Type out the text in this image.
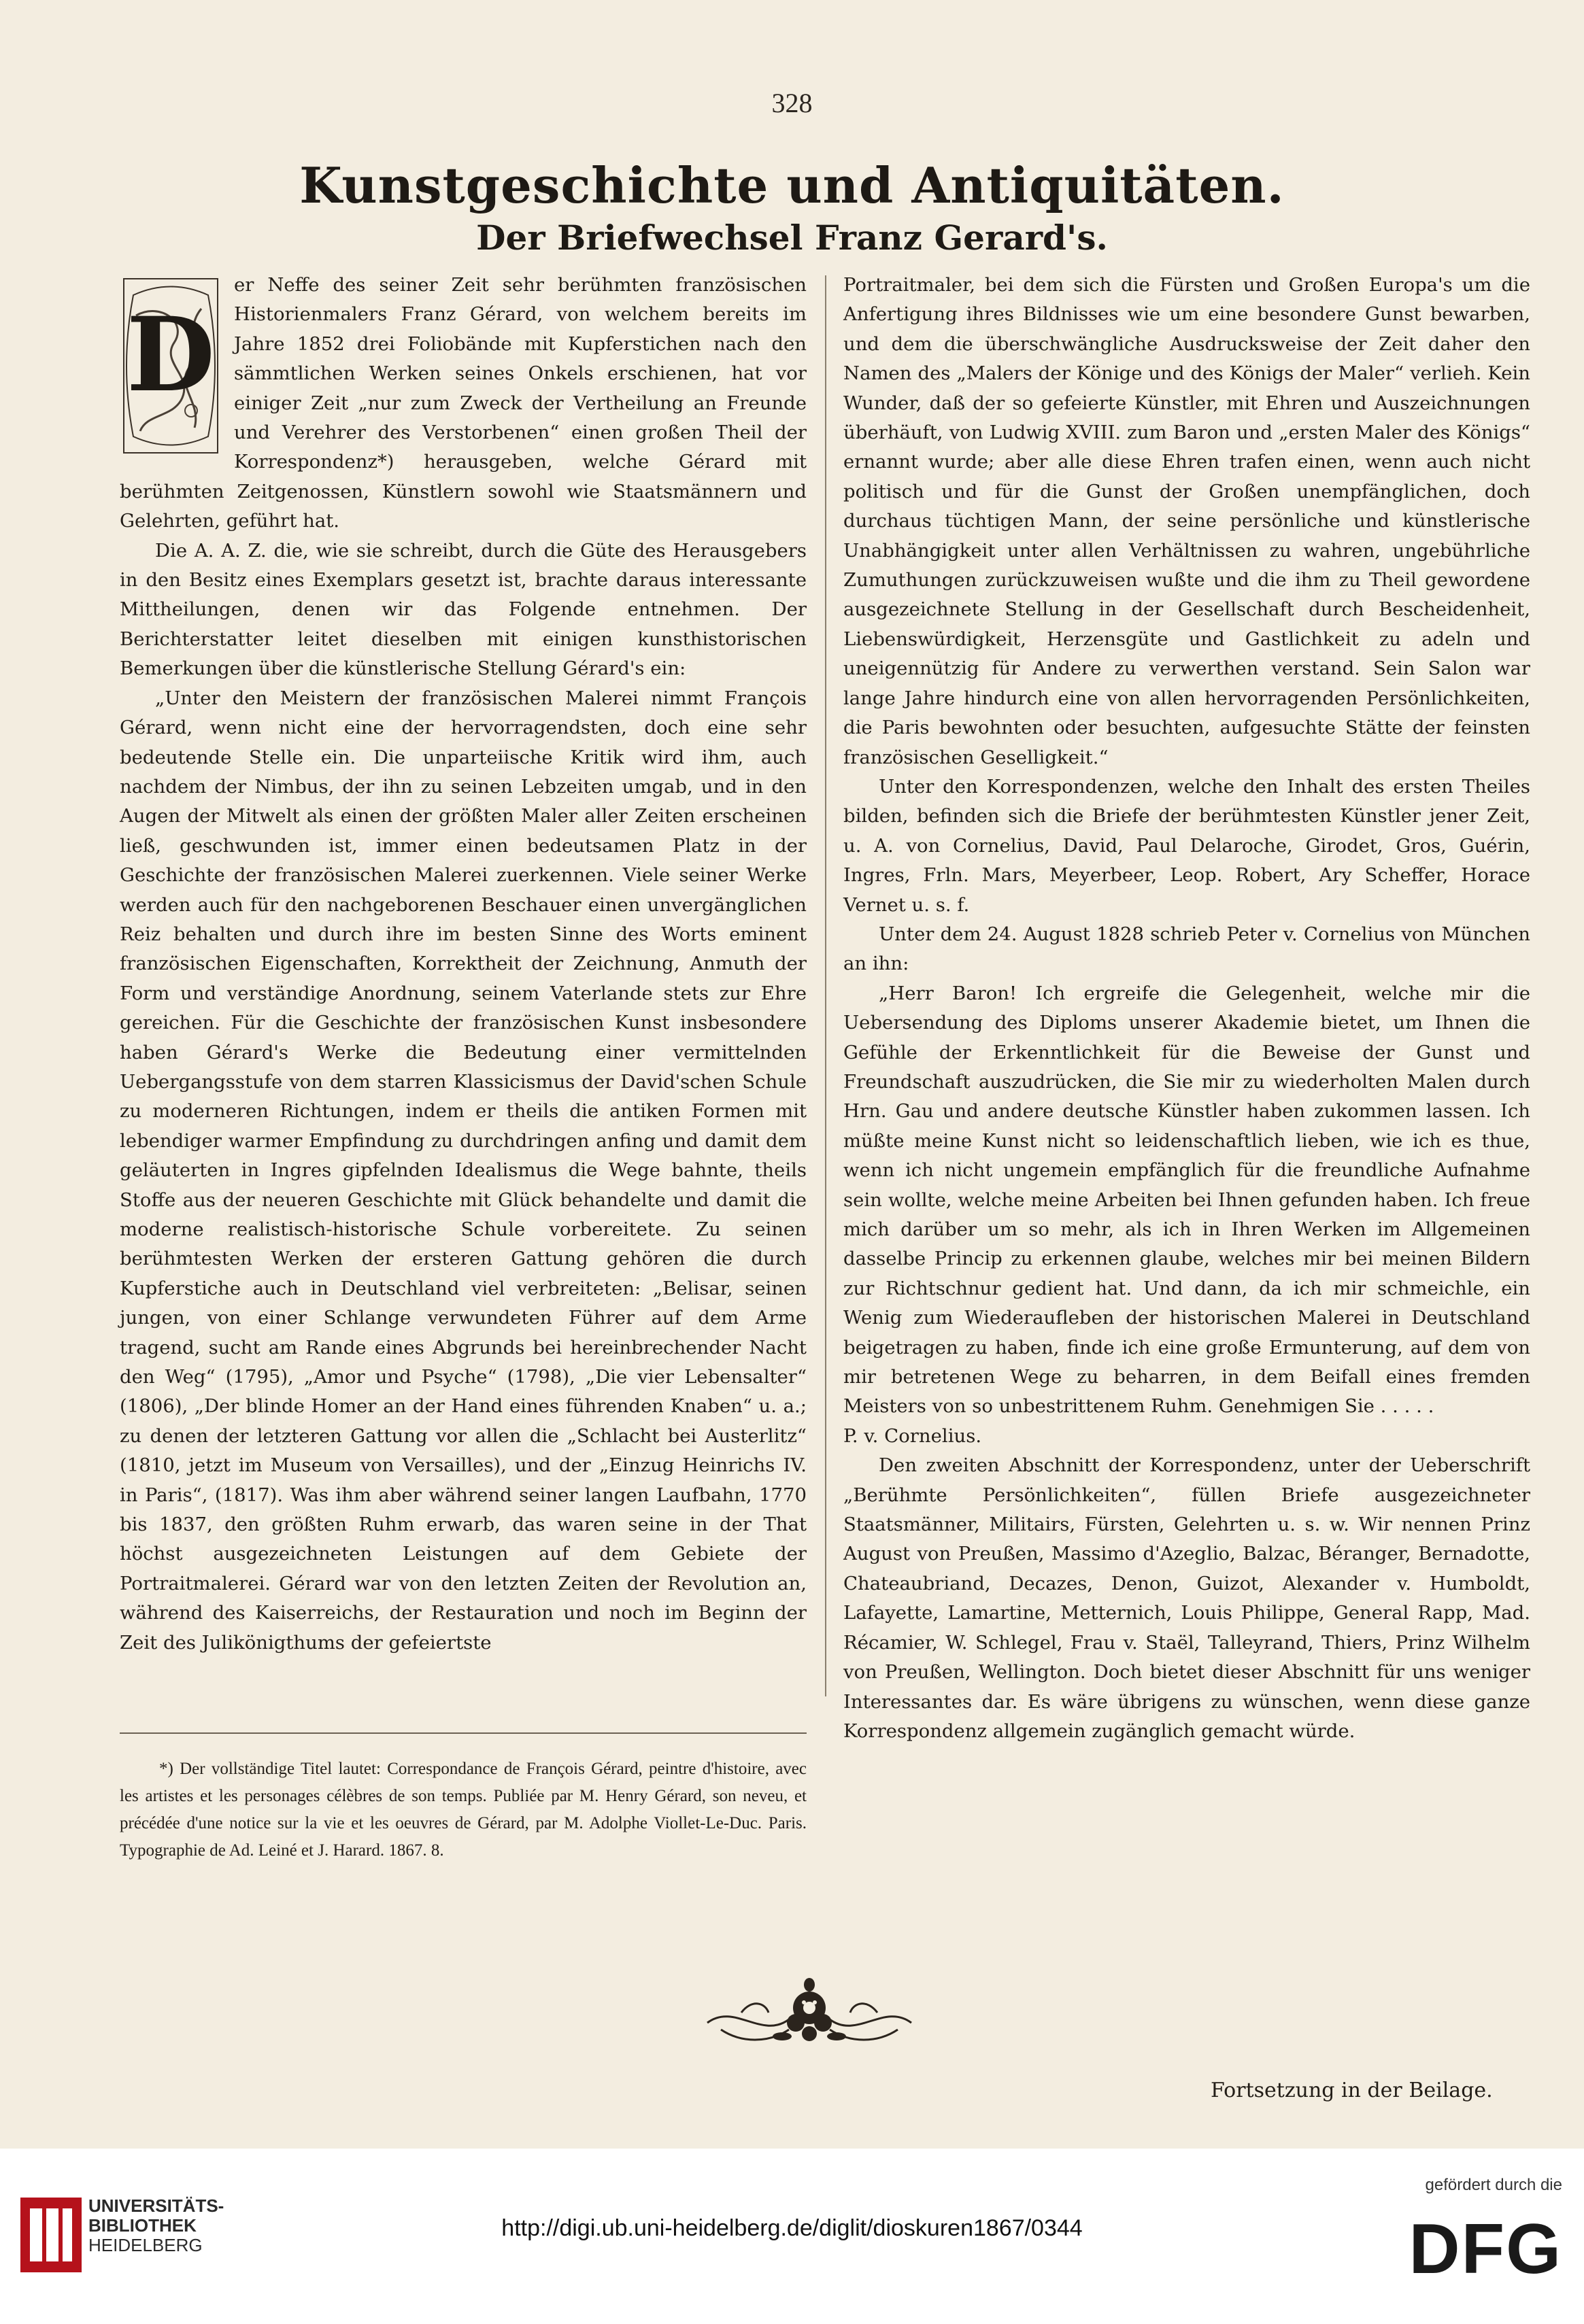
328
Kunstgeschichte und Antiquitäten.
Der Briefwechsel Franz Gerard's.
D

er Neffe des seiner Zeit sehr berühmten französischen Historienmalers Franz Gérard, von welchem bereits im Jahre 1852 drei Foliobände mit Kupferstichen nach den sämmtlichen Werken seines Onkels erschienen, hat vor einiger Zeit „nur zum Zweck der Vertheilung an Freunde und Verehrer des Verstorbenen“ einen großen Theil der Korrespondenz*) herausgeben, welche Gérard mit berühmten Zeitgenossen, Künstlern sowohl wie Staatsmännern und Gelehrten, geführt hat.

Die A. A. Z. die, wie sie schreibt, durch die Güte des Herausgebers in den Besitz eines Exemplars gesetzt ist, brachte daraus interessante Mittheilungen, denen wir das Folgende entnehmen. Der Berichterstatter leitet dieselben mit einigen kunsthistorischen Bemerkungen über die künstlerische Stellung Gérard's ein:

„Unter den Meistern der französischen Malerei nimmt François Gérard, wenn nicht eine der hervorragendsten, doch eine sehr bedeutende Stelle ein. Die unparteiische Kritik wird ihm, auch nachdem der Nimbus, der ihn zu seinen Lebzeiten umgab, und in den Augen der Mitwelt als einen der größten Maler aller Zeiten erscheinen ließ, geschwunden ist, immer einen bedeutsamen Platz in der Geschichte der französischen Malerei zuerkennen. Viele seiner Werke werden auch für den nachgeborenen Beschauer einen unvergänglichen Reiz behalten und durch ihre im besten Sinne des Worts eminent französischen Eigenschaften, Korrektheit der Zeichnung, Anmuth der Form und verständige Anordnung, seinem Vaterlande stets zur Ehre gereichen. Für die Geschichte der französischen Kunst insbesondere haben Gérard's Werke die Bedeutung einer vermittelnden Uebergangsstufe von dem starren Klassicismus der David'schen Schule zu moderneren Richtungen, indem er theils die antiken Formen mit lebendiger warmer Empfindung zu durchdringen anfing und damit dem geläuterten in Ingres gipfelnden Idealismus die Wege bahnte, theils Stoffe aus der neueren Geschichte mit Glück behandelte und damit die moderne realistisch-historische Schule vorbereitete. Zu seinen berühmtesten Werken der ersteren Gattung gehören die durch Kupferstiche auch in Deutschland viel verbreiteten: „Belisar, seinen jungen, von einer Schlange verwundeten Führer auf dem Arme tragend, sucht am Rande eines Abgrunds bei hereinbrechender Nacht den Weg“ (1795), „Amor und Psyche“ (1798), „Die vier Lebensalter“ (1806), „Der blinde Homer an der Hand eines führenden Knaben“ u. a.; zu denen der letzteren Gattung vor allen die „Schlacht bei Austerlitz“ (1810, jetzt im Museum von Versailles), und der „Einzug Heinrichs IV. in Paris“, (1817). Was ihm aber während seiner langen Laufbahn, 1770 bis 1837, den größten Ruhm erwarb, das waren seine in der That höchst ausgezeichneten Leistungen auf dem Gebiete der Portraitmalerei. Gérard war von den letzten Zeiten der Revolution an, während des Kaiserreichs, der Restauration und noch im Beginn der Zeit des Julikönigthums der gefeiertste

Portraitmaler, bei dem sich die Fürsten und Großen Europa's um die Anfertigung ihres Bildnisses wie um eine besondere Gunst bewarben, und dem die überschwängliche Ausdrucksweise der Zeit daher den Namen des „Malers der Könige und des Königs der Maler“ verlieh. Kein Wunder, daß der so gefeierte Künstler, mit Ehren und Auszeichnungen überhäuft, von Ludwig XVIII. zum Baron und „ersten Maler des Königs“ ernannt wurde; aber alle diese Ehren trafen einen, wenn auch nicht politisch und für die Gunst der Großen unempfänglichen, doch durchaus tüchtigen Mann, der seine persönliche und künstlerische Unabhängigkeit unter allen Verhältnissen zu wahren, ungebührliche Zumuthungen zurückzuweisen wußte und die ihm zu Theil gewordene ausgezeichnete Stellung in der Gesellschaft durch Bescheidenheit, Liebenswürdigkeit, Herzensgüte und Gastlichkeit zu adeln und uneigennützig für Andere zu verwerthen verstand. Sein Salon war lange Jahre hindurch eine von allen hervorragenden Persönlichkeiten, die Paris bewohnten oder besuchten, aufgesuchte Stätte der feinsten französischen Geselligkeit.“

Unter den Korrespondenzen, welche den Inhalt des ersten Theiles bilden, befinden sich die Briefe der berühmtesten Künstler jener Zeit, u. A. von Cornelius, David, Paul Delaroche, Girodet, Gros, Guérin, Ingres, Frln. Mars, Meyerbeer, Leop. Robert, Ary Scheffer, Horace Vernet u. s. f.

Unter dem 24. August 1828 schrieb Peter v. Cornelius von München an ihn:

„Herr Baron! Ich ergreife die Gelegenheit, welche mir die Uebersendung des Diploms unserer Akademie bietet, um Ihnen die Gefühle der Erkenntlichkeit für die Beweise der Gunst und Freundschaft auszudrücken, die Sie mir zu wiederholten Malen durch Hrn. Gau und andere deutsche Künstler haben zukommen lassen. Ich müßte meine Kunst nicht so leidenschaftlich lieben, wie ich es thue, wenn ich nicht ungemein empfänglich für die freundliche Aufnahme sein wollte, welche meine Arbeiten bei Ihnen gefunden haben. Ich freue mich darüber um so mehr, als ich in Ihren Werken im Allgemeinen dasselbe Princip zu erkennen glaube, welches mir bei meinen Bildern zur Richtschnur gedient hat. Und dann, da ich mir schmeichle, ein Wenig zum Wiederaufleben der historischen Malerei in Deutschland beigetragen zu haben, finde ich eine große Ermunterung, auf dem von mir betretenen Wege zu beharren, in dem Beifall eines fremden Meisters von so unbestrittenem Ruhm. Genehmigen Sie . . . . .

P. v. Cornelius.

Den zweiten Abschnitt der Korrespondenz, unter der Ueberschrift „Berühmte Persönlichkeiten“, füllen Briefe ausgezeichneter Staatsmänner, Militairs, Fürsten, Gelehrten u. s. w. Wir nennen Prinz August von Preußen, Massimo d'Azeglio, Balzac, Béranger, Bernadotte, Chateaubriand, Decazes, Denon, Guizot, Alexander v. Humboldt, Lafayette, Lamartine, Metternich, Louis Philippe, General Rapp, Mad. Récamier, W. Schlegel, Frau v. Staël, Talleyrand, Thiers, Prinz Wilhelm von Preußen, Wellington. Doch bietet dieser Abschnitt für uns weniger Interessantes dar. Es wäre übrigens zu wünschen, wenn diese ganze Korrespondenz allgemein zugänglich gemacht würde.

*) Der vollständige Titel lautet: Correspondance de François Gérard, peintre d'histoire, avec les artistes et les personages célèbres de son temps. Publiée par M. Henry Gérard, son neveu, et précédée d'une notice sur la vie et les oeuvres de Gérard, par M. Adolphe Viollet-Le-Duc. Paris. Typographie de Ad. Leiné et J. Harard. 1867. 8.
Fortsetzung in der Beilage.
UNIVERSITÄTS-
BIBLIOTHEK
HEIDELBERG
http://digi.ub.uni-heidelberg.de/diglit/dioskuren1867/0344
gefördert durch die
DFG
